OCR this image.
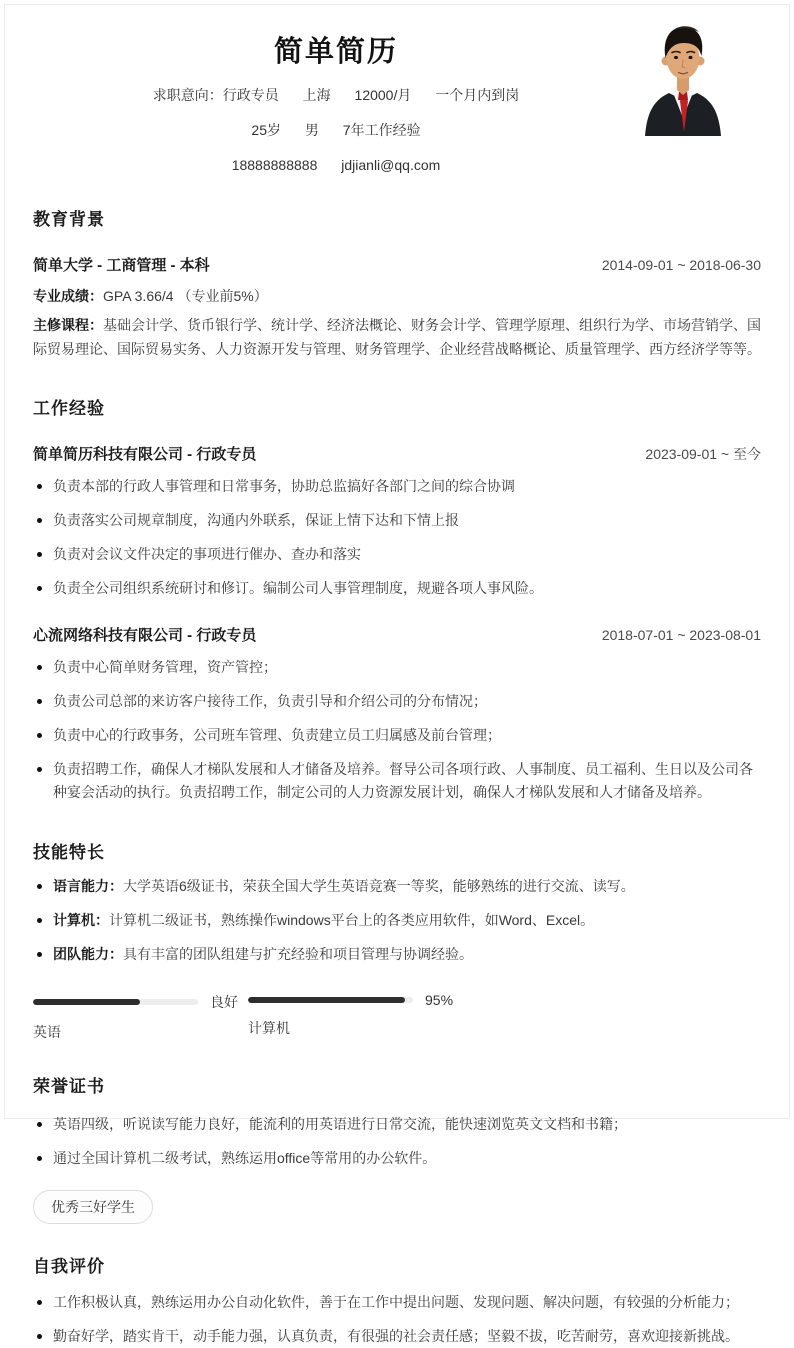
简单简历
求职意向：行政专员 上海 12000/月 一个月内到岗
25岁 男 7年工作经验
18888888888 jdjianli@qq.com
教育背景
简单大学 - 工商管理 - 本科	2014-09-01 ~ 2018-06-30
专业成绩：GPA 3.66/4 （专业前5%）
主修课程：基础会计学、货币银行学、统计学、经济法概论、财务会计学、管理学原理、组织行为学、市场营销学、国际贸易理论、国际贸易实务、人力资源开发与管理、财务管理学、企业经营战略概论、质量管理学、西方经济学等等。
工作经验
简单简历科技有限公司 - 行政专员	2023-09-01 ~ 至今
负责本部的行政人事管理和日常事务，协助总监搞好各部门之间的综合协调
负责落实公司规章制度，沟通内外联系，保证上情下达和下情上报
负责对会议文件决定的事项进行催办、查办和落实
负责全公司组织系统研讨和修订。编制公司人事管理制度，规避各项人事风险。
心流网络科技有限公司 - 行政专员	2018-07-01 ~ 2023-08-01
负责中心简单财务管理，资产管控；
负责公司总部的来访客户接待工作，负责引导和介绍公司的分布情况；
负责中心的行政事务，公司班车管理、负责建立员工归属感及前台管理；
负责招聘工作，确保人才梯队发展和人才储备及培养。督导公司各项行政、人事制度、员工福利、生日以及公司各种宴会活动的执行。负责招聘工作，制定公司的人力资源发展计划，确保人才梯队发展和人才储备及培养。
技能特长
语言能力：大学英语6级证书，荣获全国大学生英语竞赛一等奖，能够熟练的进行交流、读写。
计算机：计算机二级证书，熟练操作windows平台上的各类应用软件，如Word、Excel。
团队能力：具有丰富的团队组建与扩充经验和项目管理与协调经验。
良好
英语
95%
计算机
荣誉证书
英语四级，听说读写能力良好，能流利的用英语进行日常交流，能快速浏览英文文档和书籍；
通过全国计算机二级考试，熟练运用office等常用的办公软件。
优秀三好学生
自我评价
工作积极认真，熟练运用办公自动化软件，善于在工作中提出问题、发现问题、解决问题，有较强的分析能力；
勤奋好学，踏实肯干，动手能力强，认真负责，有很强的社会责任感；坚毅不拔，吃苦耐劳，喜欢迎接新挑战。
